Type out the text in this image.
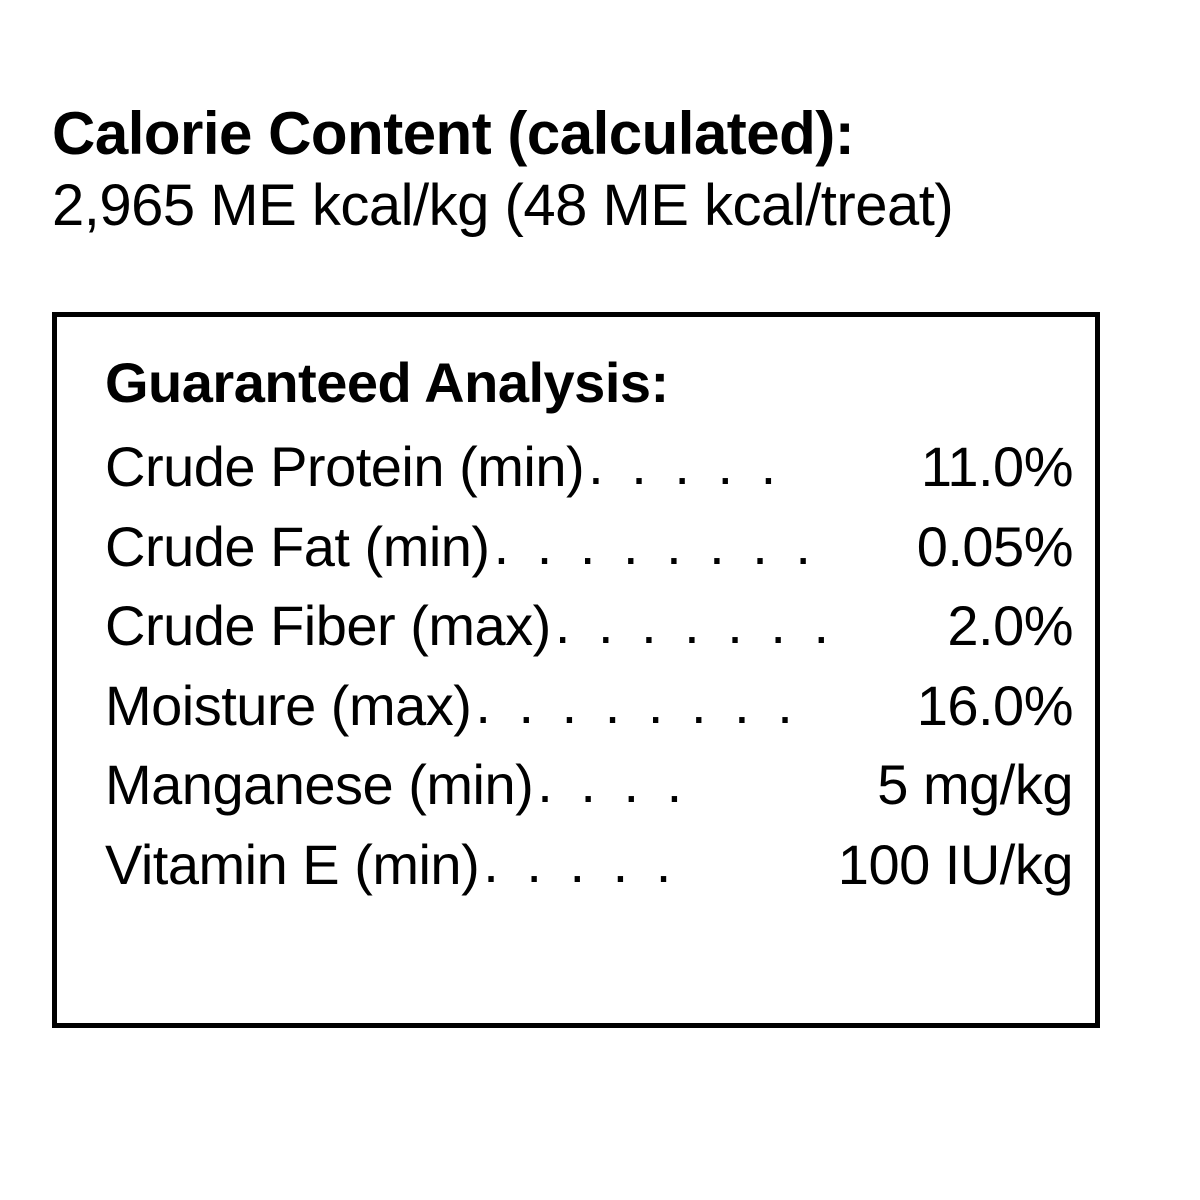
Calorie Content (calculated):
2,965 ME kcal/kg (48 ME kcal/treat)
Guaranteed Analysis:
Crude Protein (min) . . . . .	11.0%
Crude Fat (min) . . . . . . . .	0.05%
Crude Fiber (max) . . . . . . .	2.0%
Moisture (max) . . . . . . . .	16.0%
Manganese (min) . . . .	5 mg/kg
Vitamin E (min) . . . . .	100 IU/kg
